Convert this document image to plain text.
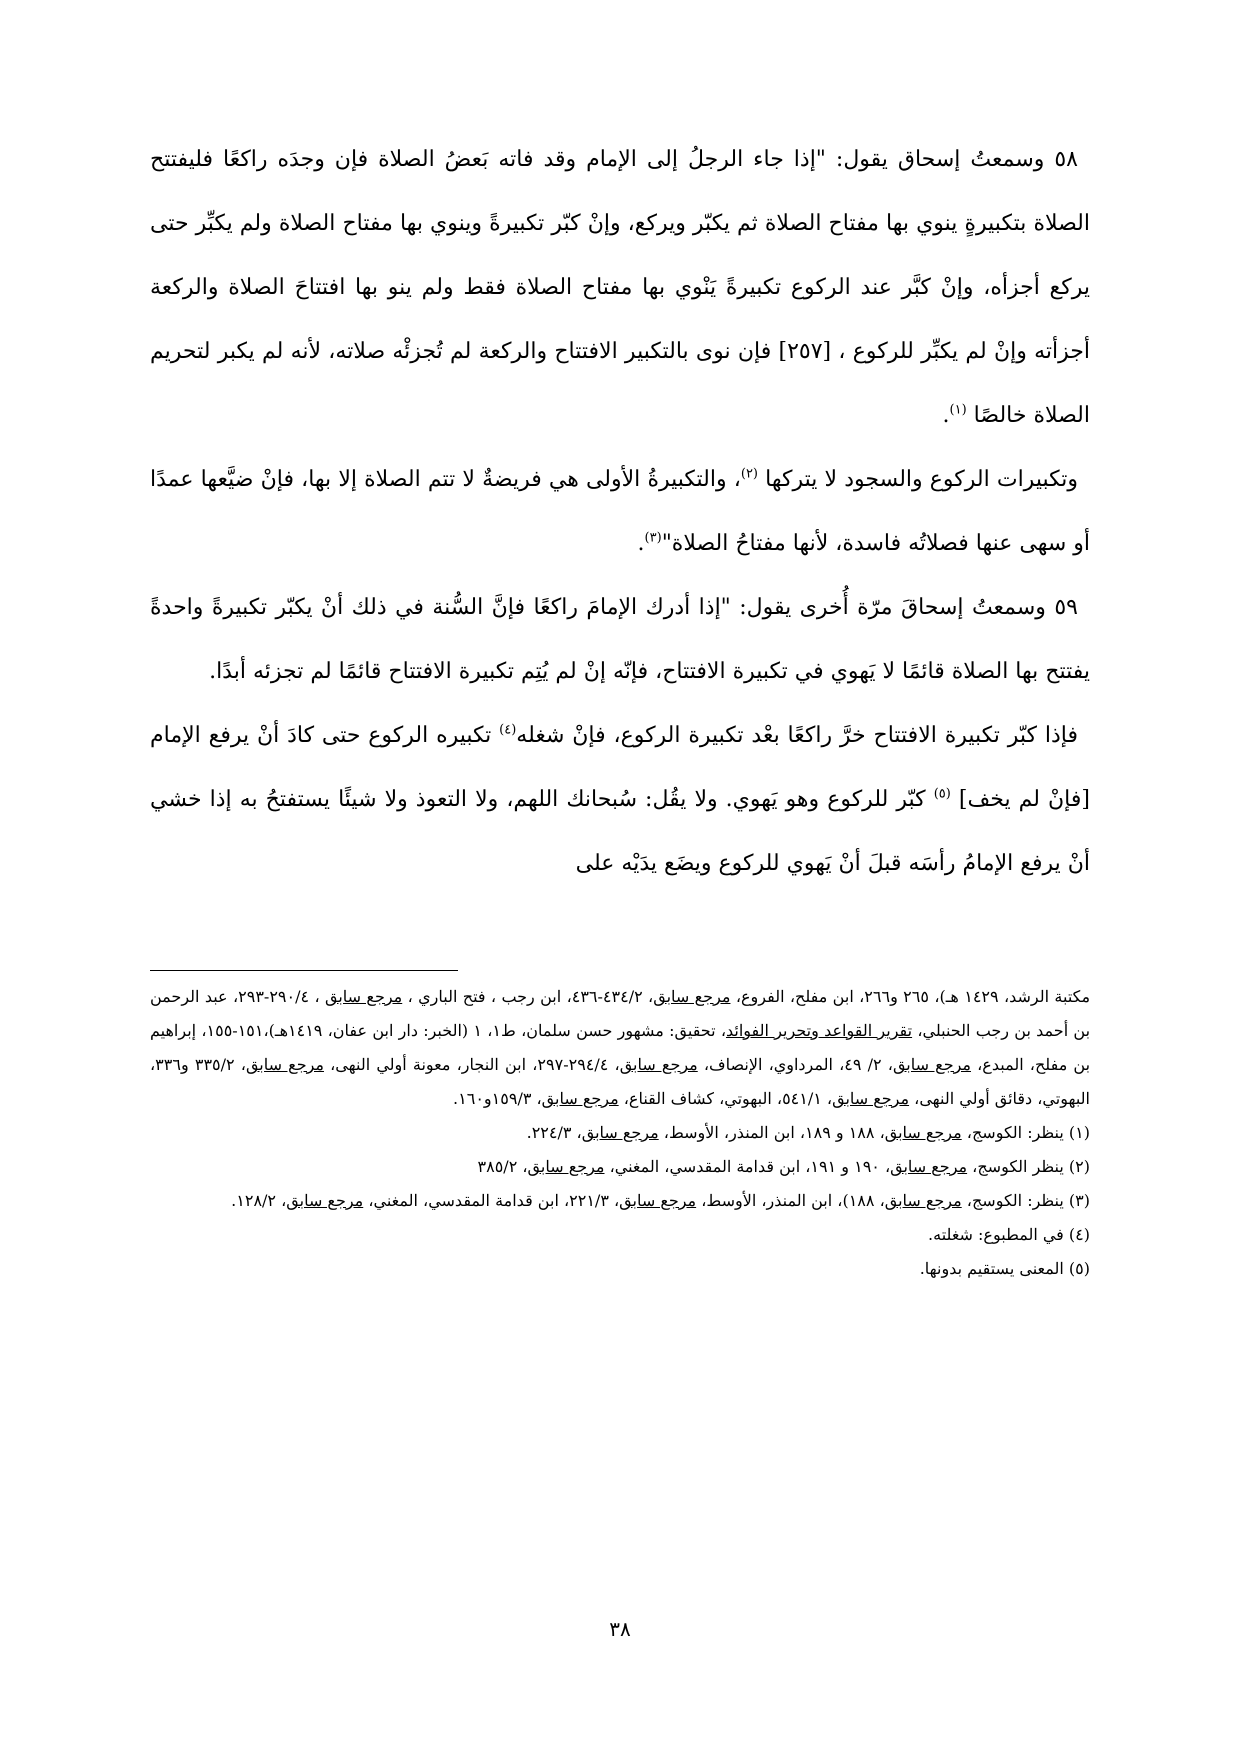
٥٨ وسمعتُ إسحاق يقول: "إذا جاء الرجلُ إلى الإمام وقد فاته بَعضُ الصلاة فإن وجدَه راكعًا فليفتتح الصلاة بتكبيرةٍ ينوي بها مفتاح الصلاة ثم يكبّر ويركع، وإنْ كبّر تكبيرةً وينوي بها مفتاح الصلاة ولم يكبِّر حتى يركع أجزأه، وإنْ كبَّر عند الركوع تكبيرةً يَنْوي بها مفتاح الصلاة فقط ولم ينو بها افتتاحَ الصلاة والركعة أجزأته وإنْ لم يكبِّر للركوع ، [٢٥٧] فإن نوى بالتكبير الافتتاح والركعة لم تُجزئْه صلاته، لأنه لم يكبر لتحريم الصلاة خالصًا $^{(١)}$.

وتكبيرات الركوع والسجود لا يتركها $^{(٢)}$، والتكبيرةُ الأولى هي فريضةٌ لا تتم الصلاة إلا بها، فإنْ ضيَّعها عمدًا أو سهى عنها فصلاتُه فاسدة، لأنها مفتاحُ الصلاة"$^{(٣)}$.

٥٩ وسمعتُ إسحاقَ مرّة أُخرى يقول: "إذا أدرك الإمامَ راكعًا فإنَّ السُّنة في ذلك أنْ يكبّر تكبيرةً واحدةً يفتتح بها الصلاة قائمًا لا يَهوي في تكبيرة الافتتاح، فإنّه إنْ لم يُتِم تكبيرة الافتتاح قائمًا لم تجزئه أبدًا.

فإذا كبّر تكبيرة الافتتاح خرَّ راكعًا بعْد تكبيرة الركوع، فإنْ شغله$^{(٤)}$ تكبيره الركوع حتى كادَ أنْ يرفع الإمام [فإنْ لم يخف] $^{(٥)}$ كبّر للركوع وهو يَهوي. ولا يقُل: سُبحانك اللهم، ولا التعوذ ولا شيئًا يستفتحُ به إذا خشي أنْ يرفع الإمامُ رأسَه قبلَ أنْ يَهوي للركوع ويضَع يدَيْه على

مكتبة الرشد، ١٤٢٩ هـ)، ٢٦٥ و٢٦٦، ابن مفلح، الفروع، مرجع سابق، ٤٣٤/٢-٤٣٦، ابن رجب ، فتح الباري ، مرجع سابق ، ٢٩٠/٤-٢٩٣، عبد الرحمن بن أحمد بن رجب الحنبلي، تقرير القواعد وتحرير الفوائد، تحقيق: مشهور حسن سلمان، ط١، ١ (الخبر: دار ابن عفان، ١٤١٩هـ)،١٥١-١٥٥، إبراهيم بن مفلح، المبدع، مرجع سابق، ٢/ ٤٩، المرداوي، الإنصاف، مرجع سابق، ٢٩٤/٤-٢٩٧، ابن النجار، معونة أولي النهى، مرجع سابق، ٣٣٥/٢ و٣٣٦، البهوتي، دقائق أولي النهى، مرجع سابق، ٥٤١/١، البهوتي، كشاف القناع، مرجع سابق، ١٥٩/٣و١٦٠.

(١) ينظر: الكوسج، مرجع سابق، ١٨٨ و ١٨٩، ابن المنذر، الأوسط، مرجع سابق، ٢٢٤/٣.

(٢) ينظر الكوسج، مرجع سابق، ١٩٠ و ١٩١، ابن قدامة المقدسي، المغني، مرجع سابق، ٣٨٥/٢

(٣) ينظر: الكوسج، مرجع سابق، ١٨٨)، ابن المنذر، الأوسط، مرجع سابق، ٢٢١/٣، ابن قدامة المقدسي، المغني، مرجع سابق، ١٢٨/٢.

(٤) في المطبوع: شغلته.

(٥) المعنى يستقيم بدونها.

٣٨
